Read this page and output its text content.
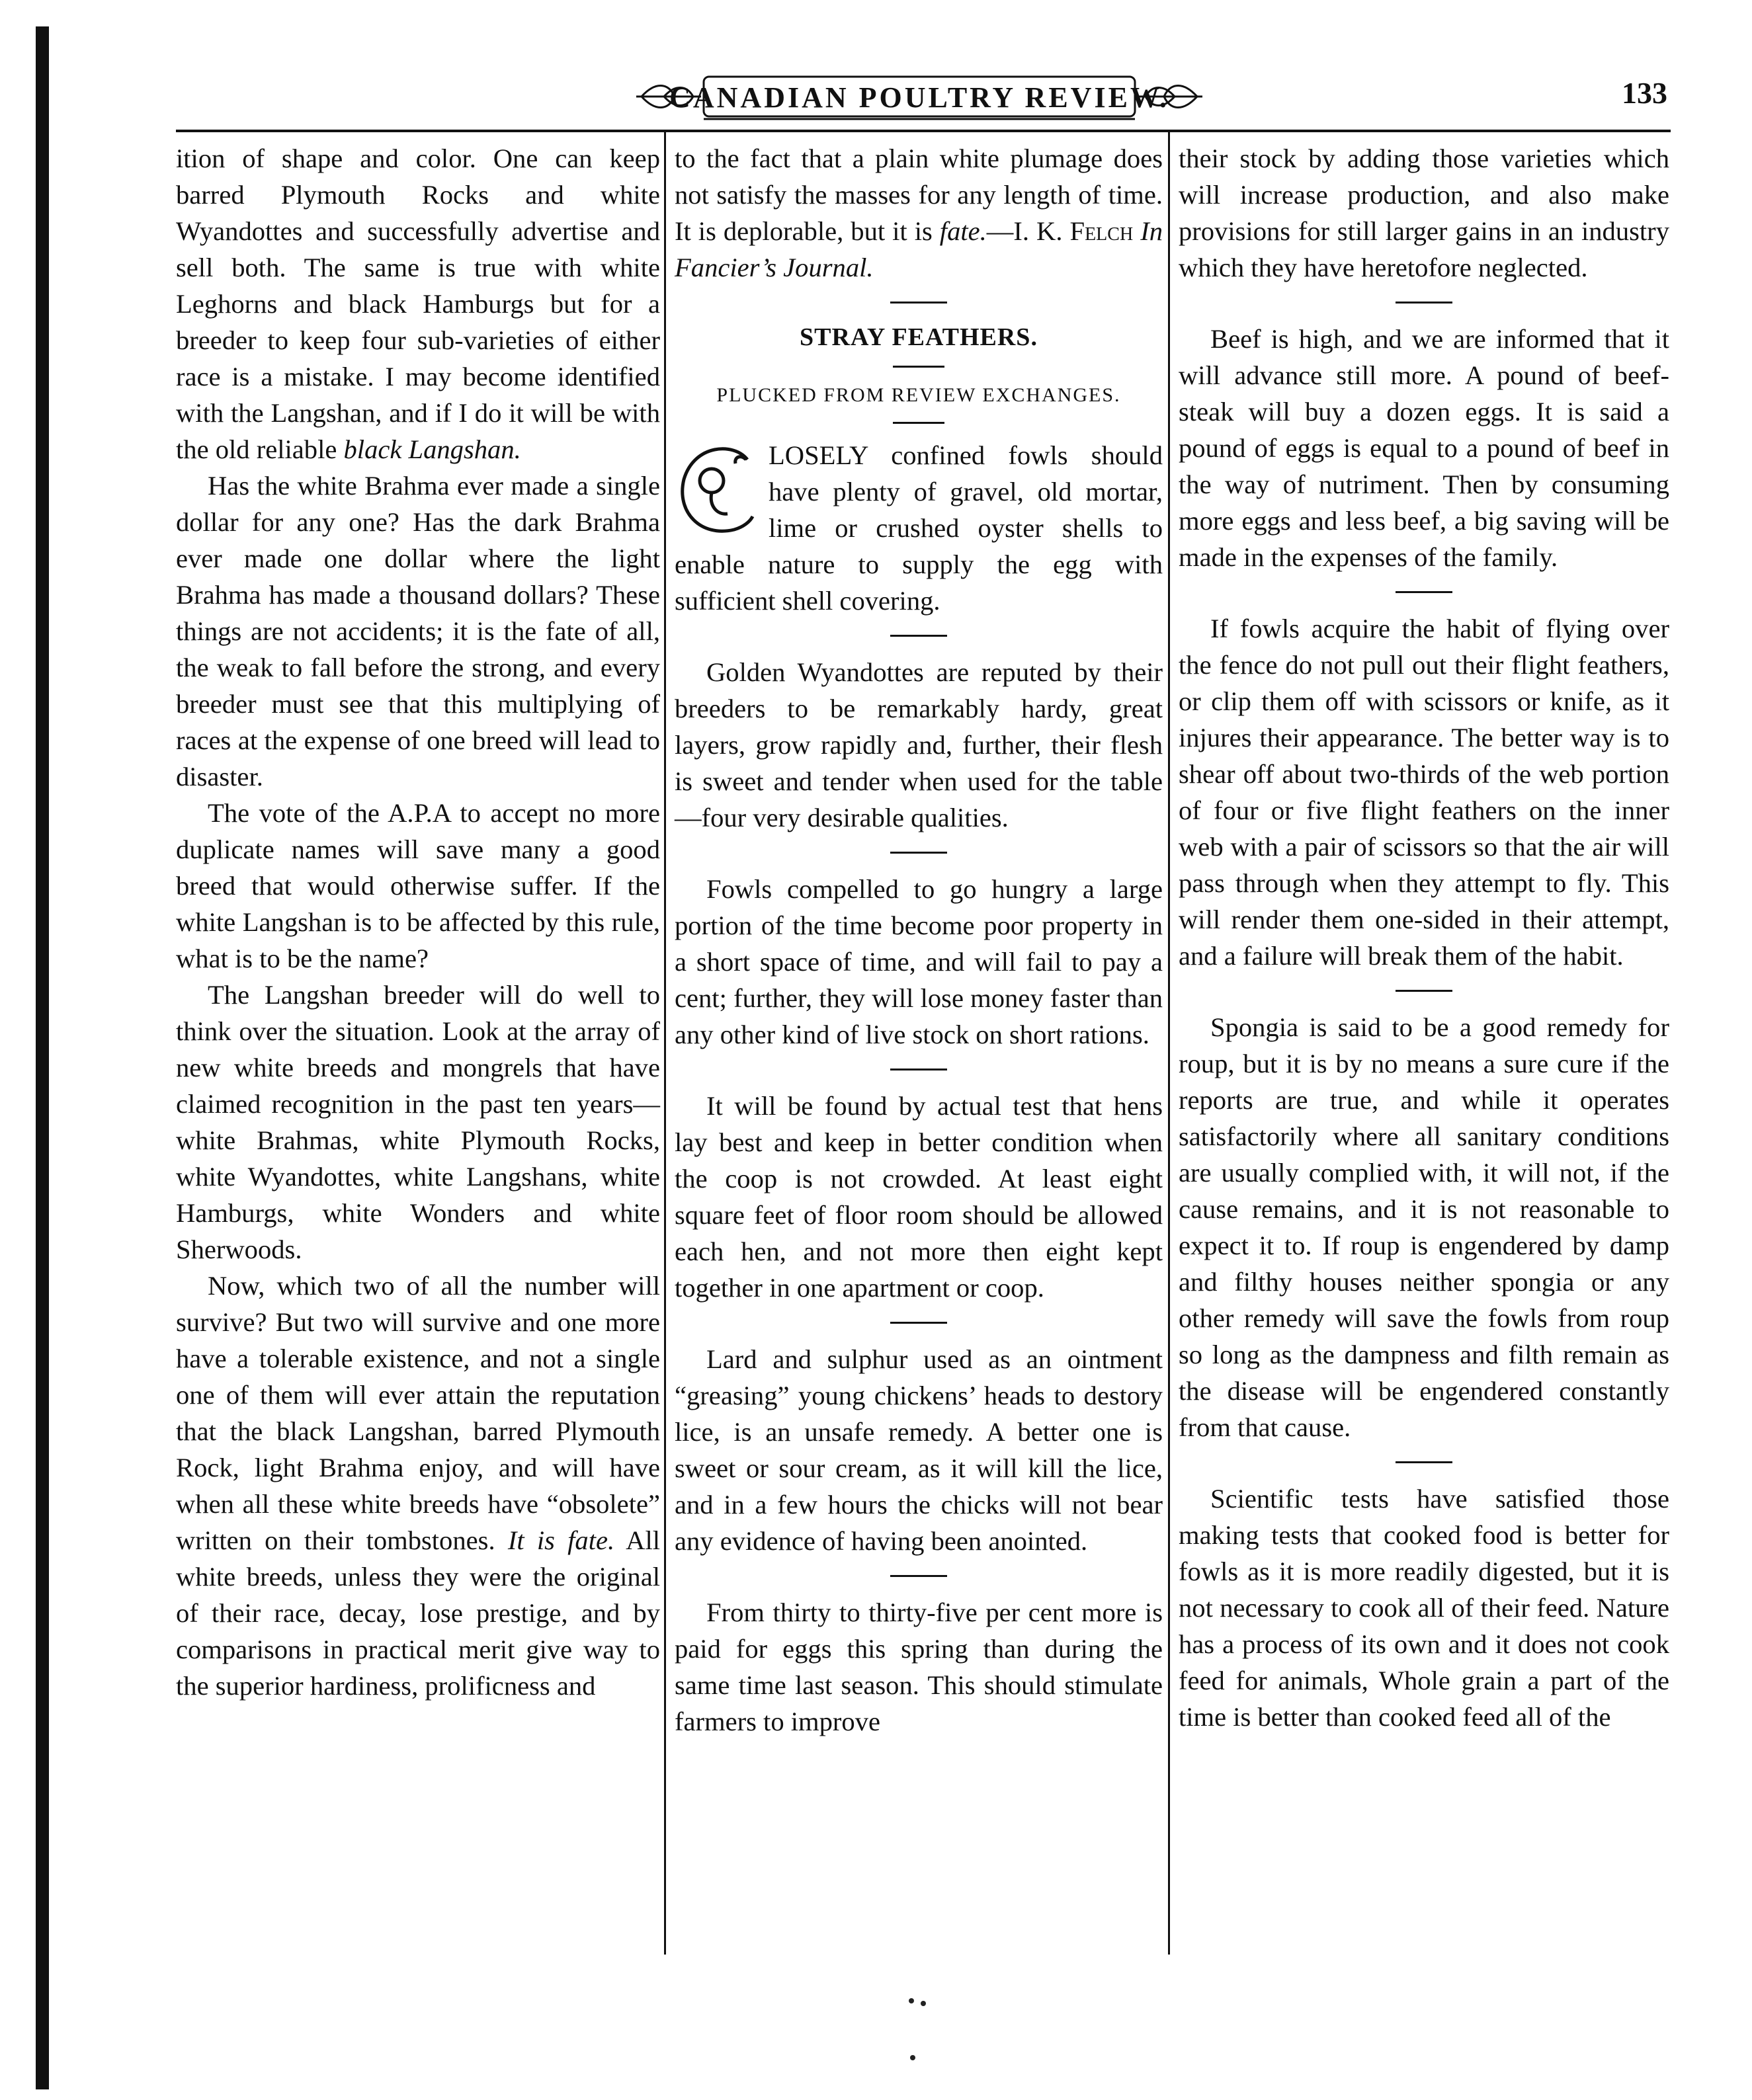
CANADIAN POULTRY REVIEW.	133

ition of shape and color. One can keep barred Plymouth Rocks and white Wyandottes and successfully advertise and sell both. The same is true with white Leghorns and black Hamburgs but for a breeder to keep four sub-varieties of either race is a mistake. I may become identified with the Langshan, and if I do it will be with the old reliable black Langshan.

Has the white Brahma ever made a single dollar for any one? Has the dark Brahma ever made one dollar where the light Brahma has made a thousand dollars? These things are not accidents; it is the fate of all, the weak to fall before the strong, and every breeder must see that this multiplying of races at the expense of one breed will lead to disaster.

The vote of the A.P.A to accept no more duplicate names will save many a good breed that would otherwise suffer. If the white Langshan is to be affected by this rule, what is to be the name?

The Langshan breeder will do well to think over the situation. Look at the array of new white breeds and mongrels that have claimed recognition in the past ten years—white Brahmas, white Plymouth Rocks, white Wyandottes, white Langshans, white Hamburgs, white Wonders and white Sherwoods.

Now, which two of all the number will survive? But two will survive and one more have a tolerable existence, and not a single one of them will ever attain the reputation that the black Langshan, barred Plymouth Rock, light Brahma enjoy, and will have when all these white breeds have “obsolete” written on their tombstones. It is fate. All white breeds, unless they were the original of their race, decay, lose prestige, and by comparisons in practical merit give way to the superior hardiness, prolificness and

to the fact that a plain white plumage does not satisfy the masses for any length of time. It is deplorable, but it is fate.—I. K. Felch In Fancier’s Journal.

STRAY FEATHERS.
PLUCKED FROM REVIEW EXCHANGES.

C	LOSELY confined fowls should have plenty of gravel, old mortar, lime or crushed oyster shells to enable nature to supply the egg with sufficient shell covering.

Golden Wyandottes are reputed by their breeders to be remarkably hardy, great layers, grow rapidly and, further, their flesh is sweet and tender when used for the table—four very desirable qualities.

Fowls compelled to go hungry a large portion of the time become poor property in a short space of time, and will fail to pay a cent; further, they will lose money faster than any other kind of live stock on short rations.

It will be found by actual test that hens lay best and keep in better condition when the coop is not crowded. At least eight square feet of floor room should be allowed each hen, and not more then eight kept together in one apartment or coop.

Lard and sulphur used as an ointment “greasing” young chickens’ heads to destory lice, is an unsafe remedy. A better one is sweet or sour cream, as it will kill the lice, and in a few hours the chicks will not bear any evidence of having been anointed.

From thirty to thirty-five per cent more is paid for eggs this spring than during the same time last season. This should stimulate farmers to improve

their stock by adding those varieties which will increase production, and also make provisions for still larger gains in an industry which they have heretofore neglected.

Beef is high, and we are informed that it will advance still more. A pound of beef-steak will buy a dozen eggs. It is said a pound of eggs is equal to a pound of beef in the way of nutriment. Then by consuming more eggs and less beef, a big saving will be made in the expenses of the family.

If fowls acquire the habit of flying over the fence do not pull out their flight feathers, or clip them off with scissors or knife, as it injures their appearance. The better way is to shear off about two-thirds of the web portion of four or five flight feathers on the inner web with a pair of scissors so that the air will pass through when they attempt to fly. This will render them one-sided in their attempt, and a failure will break them of the habit.

Spongia is said to be a good remedy for roup, but it is by no means a sure cure if the reports are true, and while it operates satisfactorily where all sanitary conditions are usually complied with, it will not, if the cause remains, and it is not reasonable to expect it to. If roup is engendered by damp and filthy houses neither spongia or any other remedy will save the fowls from roup so long as the dampness and filth remain as the disease will be engendered constantly from that cause.

Scientific tests have satisfied those making tests that cooked food is better for fowls as it is more readily digested, but it is not necessary to cook all of their feed. Nature has a process of its own and it does not cook feed for animals, Whole grain a part of the time is better than cooked feed all of the
